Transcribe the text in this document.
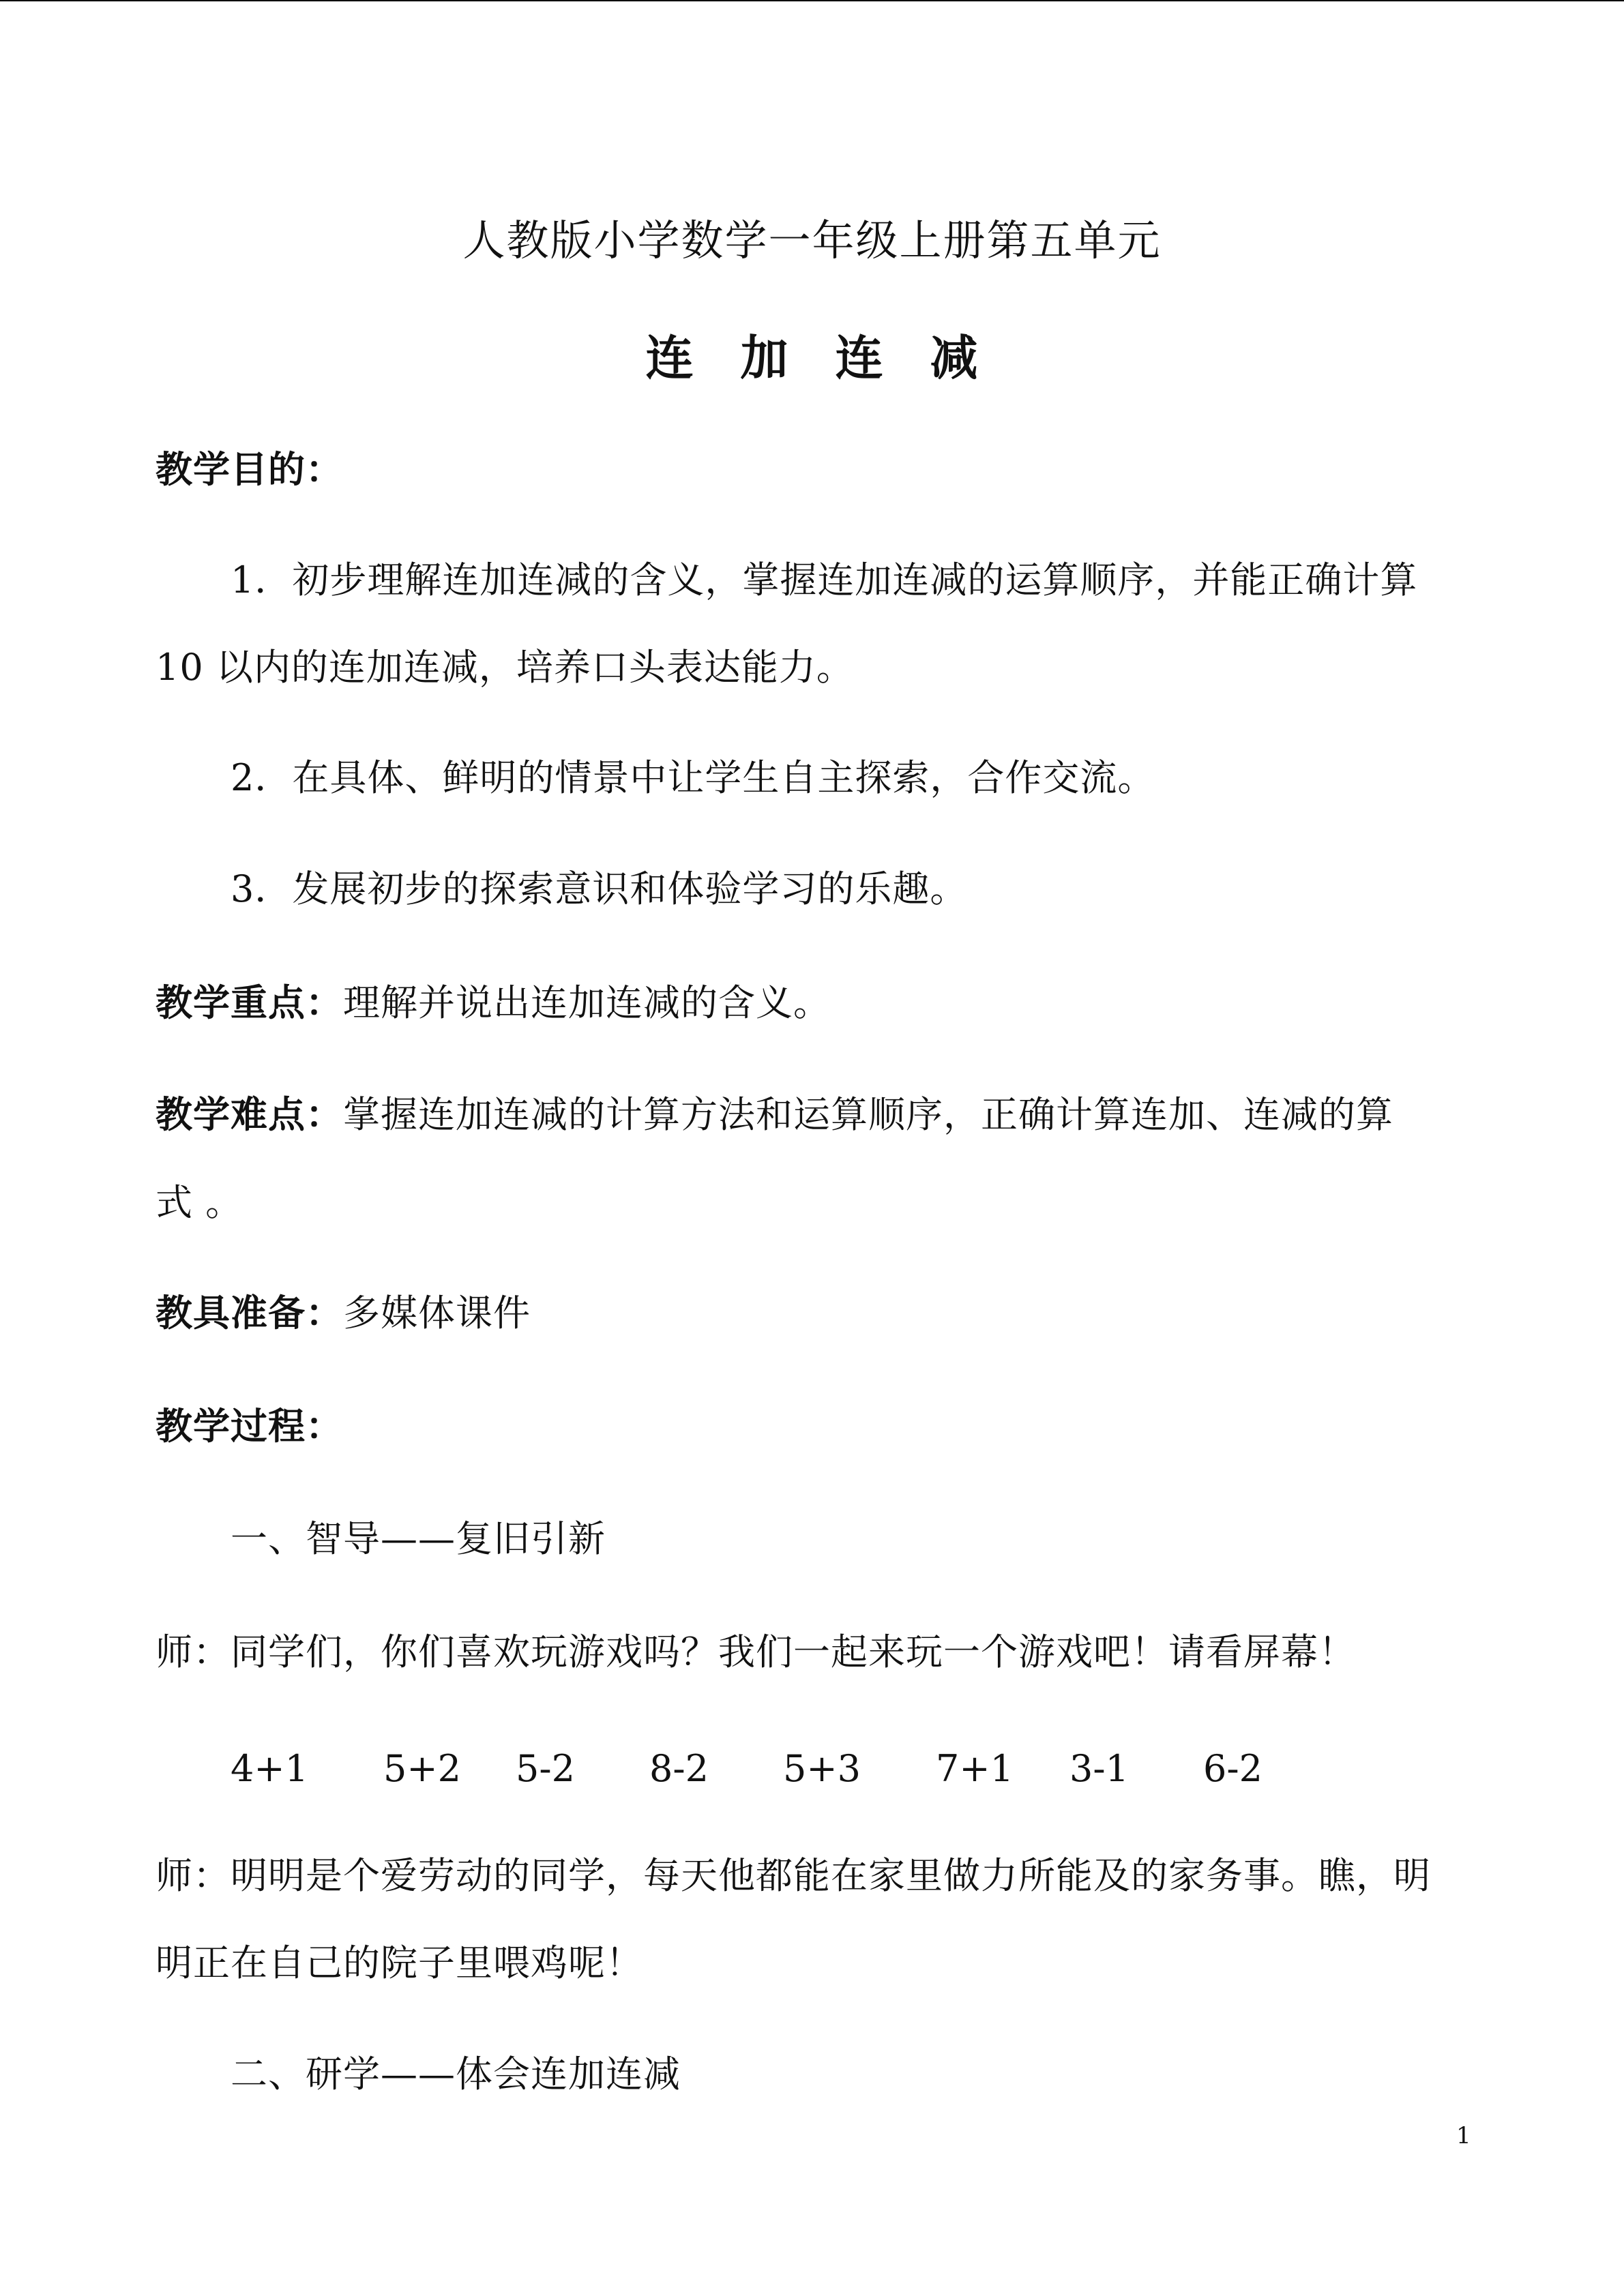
人教版小学数学一年级上册第五单元
连 加 连 减
教学目的：
1．初步理解连加连减的含义，掌握连加连减的运算顺序，并能正确计算
10 以内的连加连减，培养口头表达能力。
2．在具体、鲜明的情景中让学生自主探索，合作交流。
3．发展初步的探索意识和体验学习的乐趣。
教学重点：理解并说出连加连减的含义。
教学难点：掌握连加连减的计算方法和运算顺序，正确计算连加、连减的算
式 。
教具准备：多媒体课件
教学过程：
一、智导——复旧引新
师：同学们，你们喜欢玩游戏吗？我们一起来玩一个游戏吧！请看屏幕！
4+1 5+2 5-2 8-2 5+3 7+1 3-1 6-2
师：明明是个爱劳动的同学，每天他都能在家里做力所能及的家务事。瞧，明
明正在自己的院子里喂鸡呢！
二、研学——体会连加连减
1
